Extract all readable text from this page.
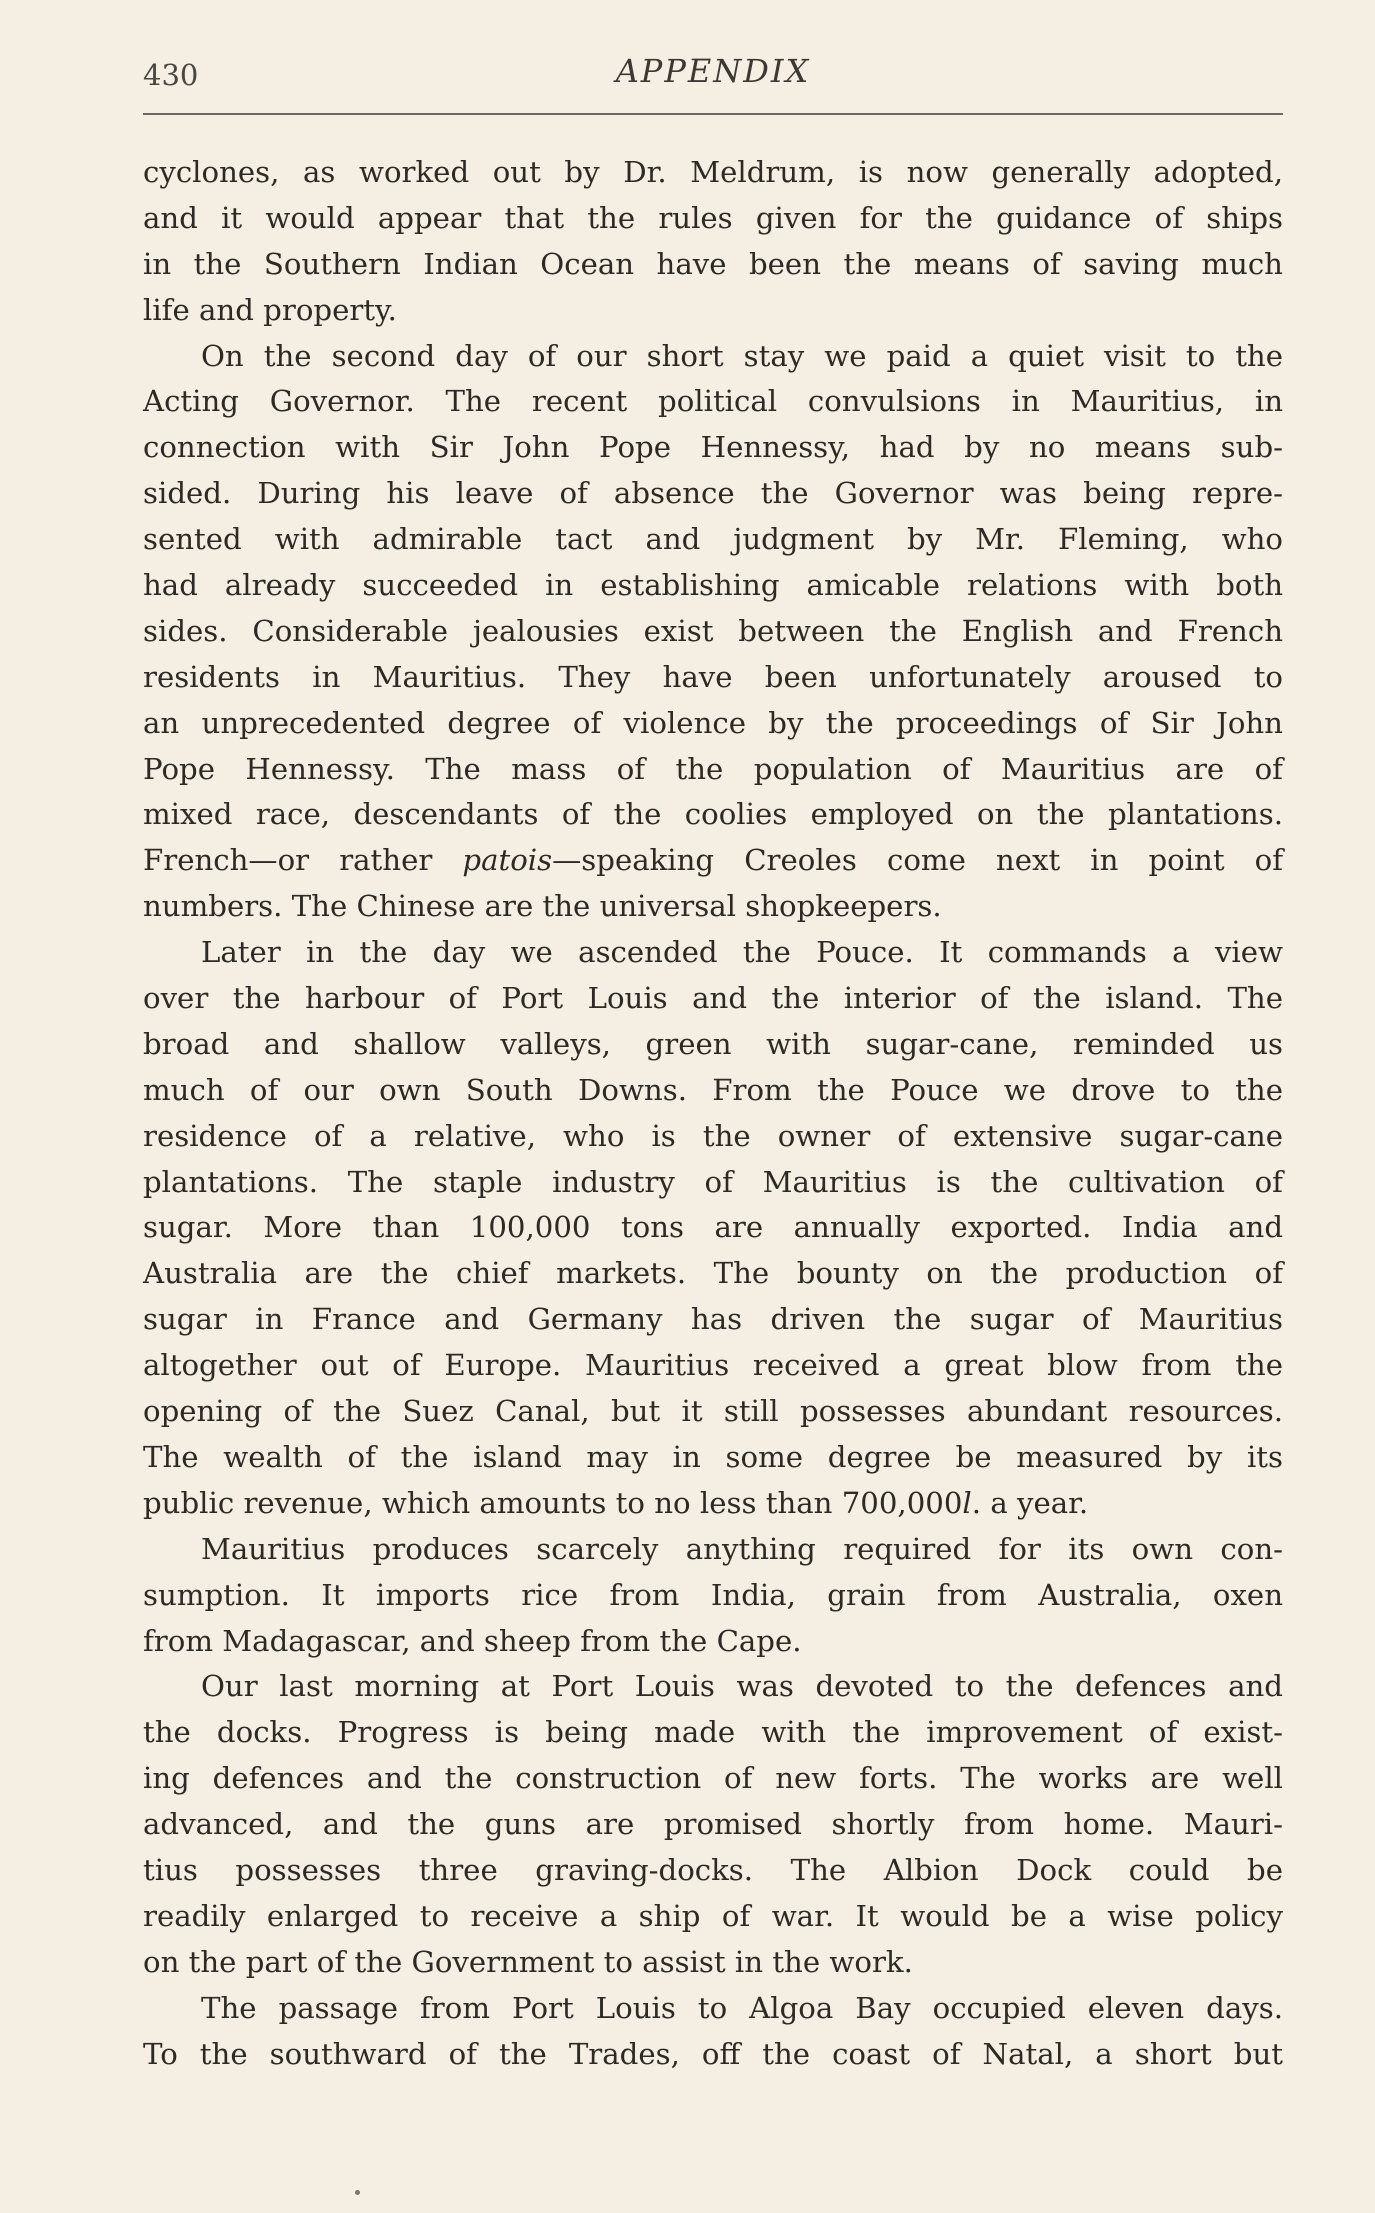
430	APPENDIX
cyclones, as worked out by Dr. Meldrum, is now generally adopted,
and it would appear that the rules given for the guidance of ships
in the Southern Indian Ocean have been the means of saving much
life and property.
On the second day of our short stay we paid a quiet visit to the
Acting Governor. The recent political convulsions in Mauritius, in
connection with Sir John Pope Hennessy, had by no means sub-
sided. During his leave of absence the Governor was being repre-
sented with admirable tact and judgment by Mr. Fleming, who
had already succeeded in establishing amicable relations with both
sides. Considerable jealousies exist between the English and French
residents in Mauritius. They have been unfortunately aroused to
an unprecedented degree of violence by the proceedings of Sir John
Pope Hennessy. The mass of the population of Mauritius are of
mixed race, descendants of the coolies employed on the plantations.
French—or rather patois—speaking Creoles come next in point of
numbers. The Chinese are the universal shopkeepers.
Later in the day we ascended the Pouce. It commands a view
over the harbour of Port Louis and the interior of the island. The
broad and shallow valleys, green with sugar-cane, reminded us
much of our own South Downs. From the Pouce we drove to the
residence of a relative, who is the owner of extensive sugar-cane
plantations. The staple industry of Mauritius is the cultivation of
sugar. More than 100,000 tons are annually exported. India and
Australia are the chief markets. The bounty on the production of
sugar in France and Germany has driven the sugar of Mauritius
altogether out of Europe. Mauritius received a great blow from the
opening of the Suez Canal, but it still possesses abundant resources.
The wealth of the island may in some degree be measured by its
public revenue, which amounts to no less than 700,000l. a year.
Mauritius produces scarcely anything required for its own con-
sumption. It imports rice from India, grain from Australia, oxen
from Madagascar, and sheep from the Cape.
Our last morning at Port Louis was devoted to the defences and
the docks. Progress is being made with the improvement of exist-
ing defences and the construction of new forts. The works are well
advanced, and the guns are promised shortly from home. Mauri-
tius possesses three graving-docks. The Albion Dock could be
readily enlarged to receive a ship of war. It would be a wise policy
on the part of the Government to assist in the work.
The passage from Port Louis to Algoa Bay occupied eleven days.
To the southward of the Trades, off the coast of Natal, a short but
